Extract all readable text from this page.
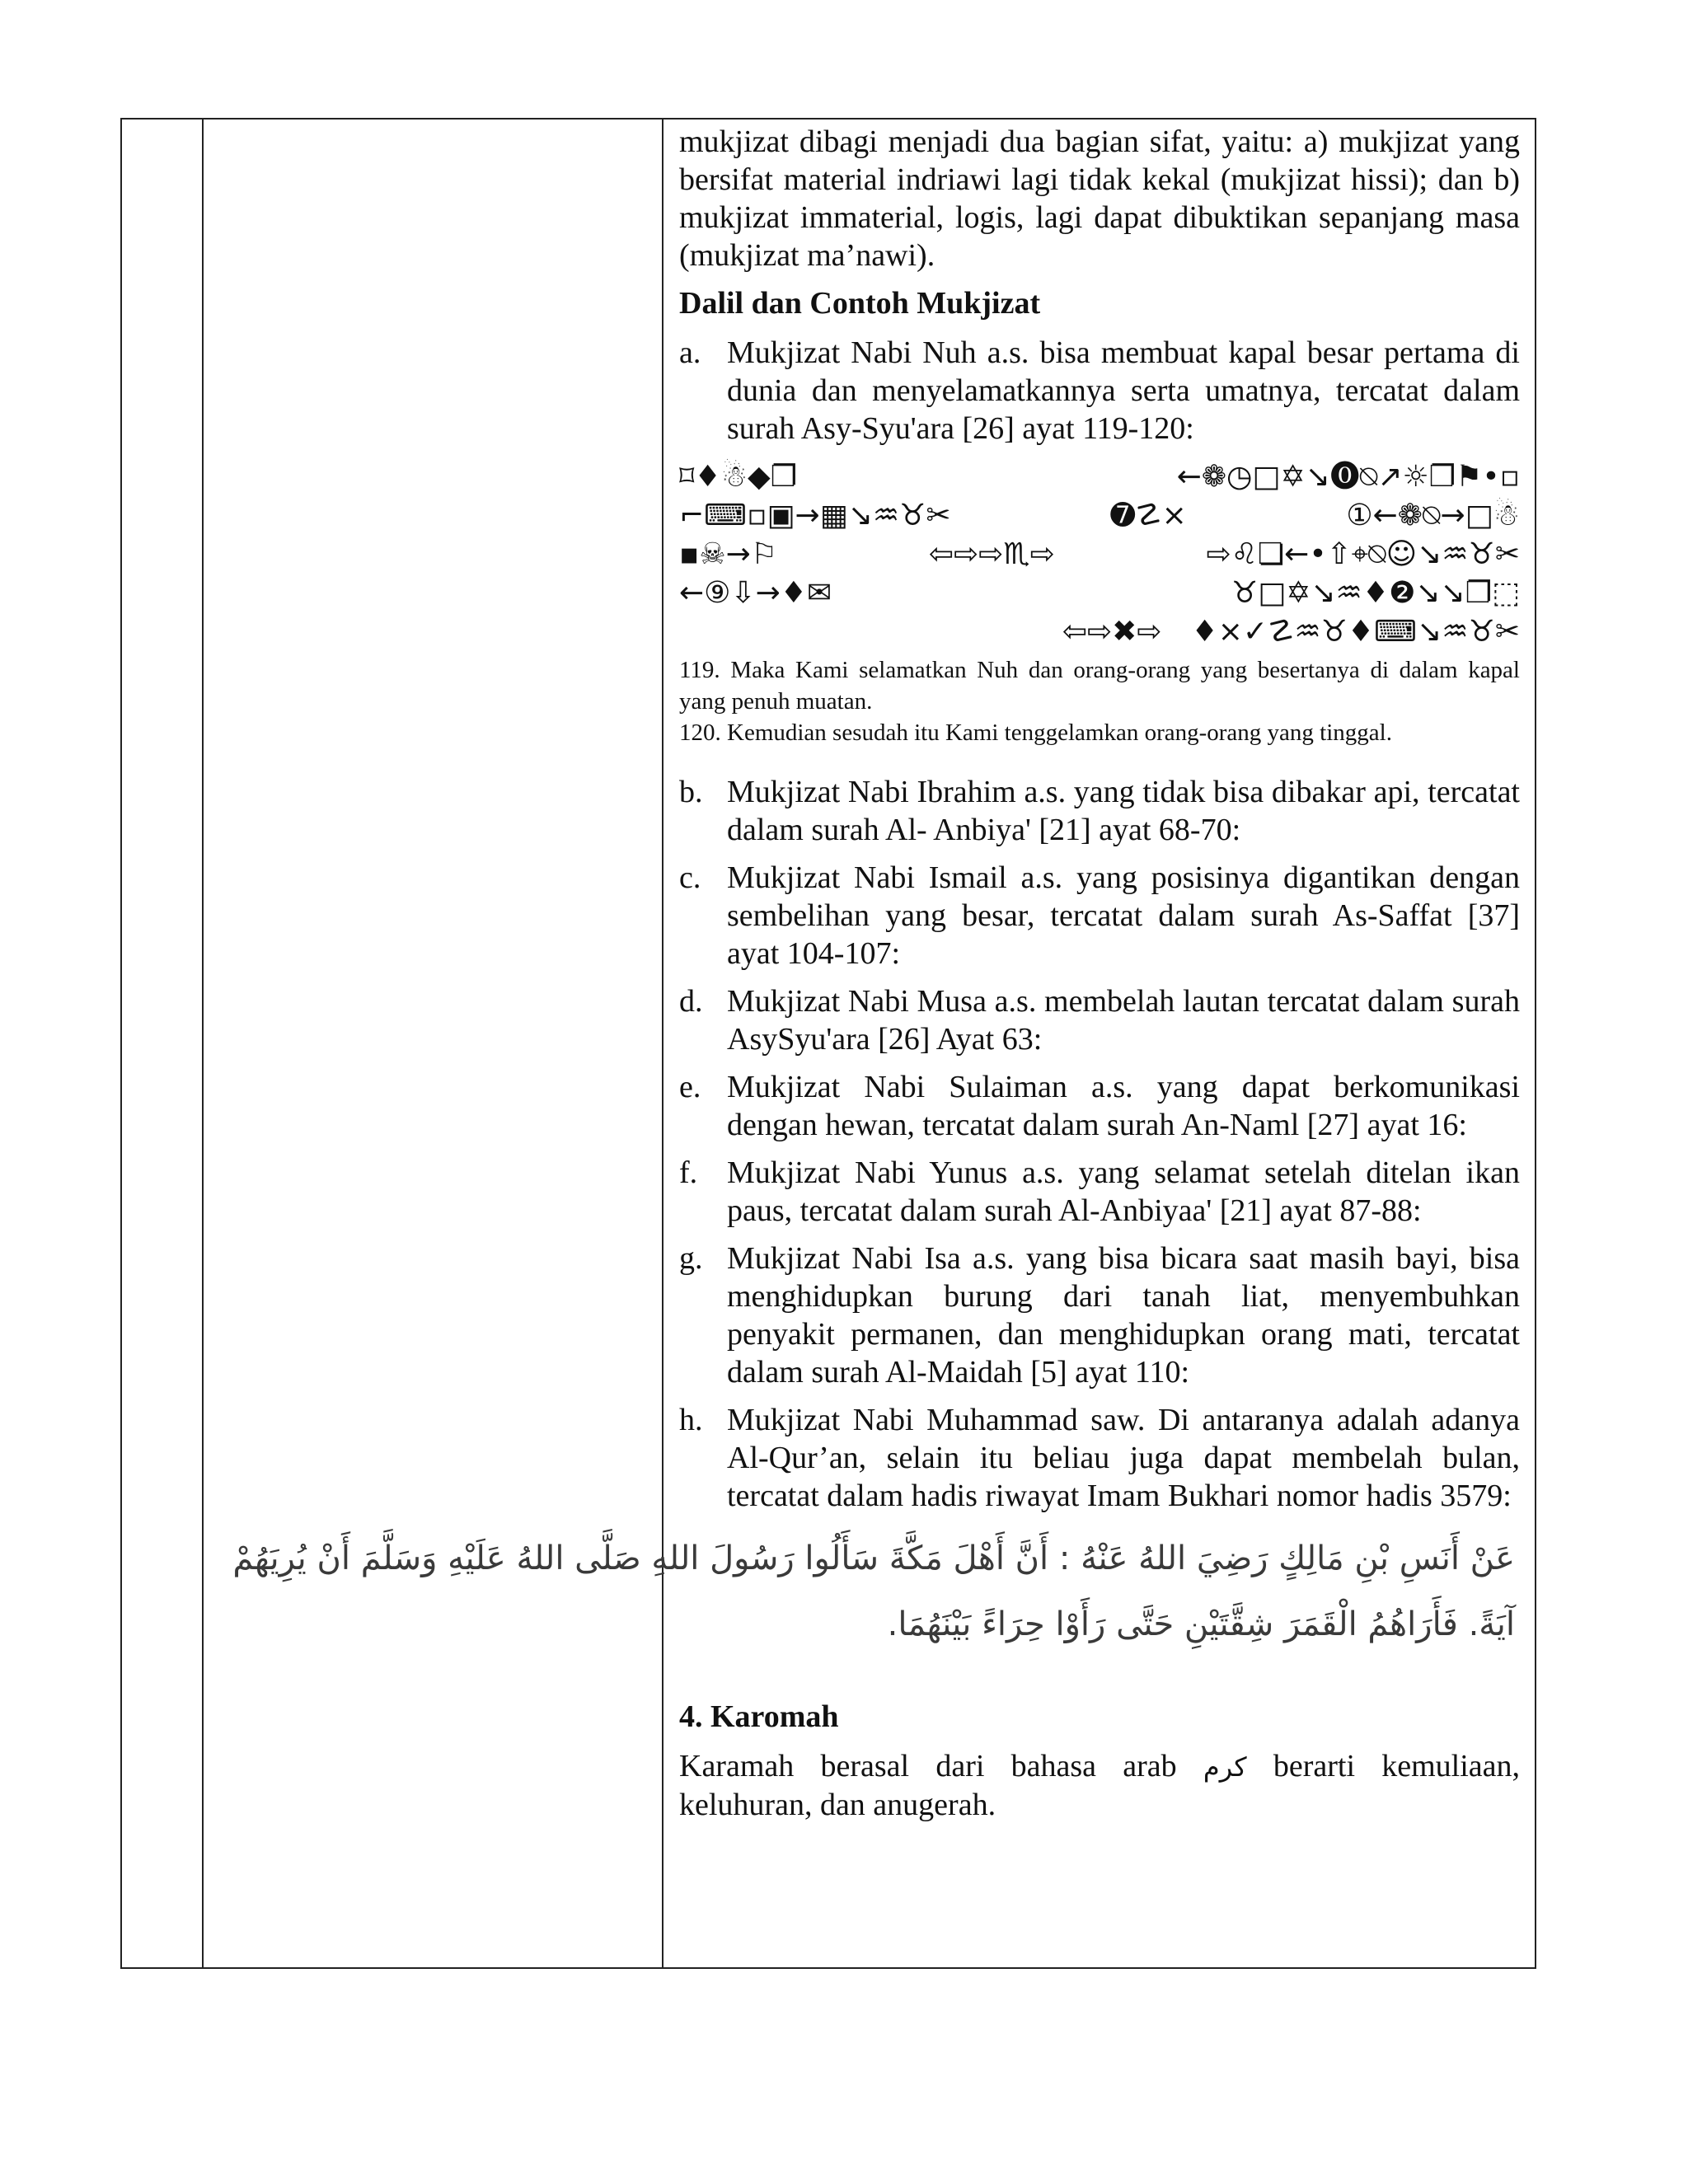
mukjizat dibagi menjadi dua bagian sifat, yaitu: a) mukjizat yang bersifat material indriawi lagi tidak kekal (mukjizat hissi); dan b) mukjizat immaterial, logis, lagi dapat dibuktikan sepanjang masa (mukjizat ma’nawi).

Dalil dan Contoh Mukjizat

a. Mukjizat Nabi Nuh a.s. bisa membuat kapal besar pertama di dunia dan menyelamatkannya serta umatnya, tercatat dalam surah Asy-Syu'ara [26] ayat 119-120:
⌑♦☃◆❐	←❁◷□✡↘⓿⍉↗☼❐⚑•▫
⌐⌨▫▣→▦↘♒♉✂	➐☡×	①←❁⍉→□☃
▪☠→⚐	⇦⇨⇨♏⇨	⇨♌❏←•⇧⌖⍉☺↘♒♉✂
←⑨⇩→♦✉	♉□✡↘♒♦❷↘↘❐⬚
⇦⇨✖⇨ ♦×✓☡♒♉♦⌨↘♒♉✂

119. Maka Kami selamatkan Nuh dan orang-orang yang besertanya di dalam kapal yang penuh muatan.

120. Kemudian sesudah itu Kami tenggelamkan orang-orang yang tinggal.

b. Mukjizat Nabi Ibrahim a.s. yang tidak bisa dibakar api, tercatat dalam surah Al- Anbiya' [21] ayat 68-70:
c. Mukjizat Nabi Ismail a.s. yang posisinya digantikan dengan sembelihan yang besar, tercatat dalam surah As-Saffat [37] ayat 104-107:
d. Mukjizat Nabi Musa a.s. membelah lautan tercatat dalam surah AsySyu'ara [26] Ayat 63:
e. Mukjizat Nabi Sulaiman a.s. yang dapat berkomunikasi dengan hewan, tercatat dalam surah An-Naml [27] ayat 16:
f. Mukjizat Nabi Yunus a.s. yang selamat setelah ditelan ikan paus, tercatat dalam surah Al-Anbiyaa' [21] ayat 87-88:
g. Mukjizat Nabi Isa a.s. yang bisa bicara saat masih bayi, bisa menghidupkan burung dari tanah liat, menyembuhkan penyakit permanen, dan menghidupkan orang mati, tercatat dalam surah Al-Maidah [5] ayat 110:
h. Mukjizat Nabi Muhammad saw. Di antaranya adalah adanya Al-Qur’an, selain itu beliau juga dapat membelah bulan, tercatat dalam hadis riwayat Imam Bukhari nomor hadis 3579:
عَنْ أَنَسِ بْنِ مَالِكٍ رَضِيَ اللهُ عَنْهُ : أَنَّ أَهْلَ مَكَّةَ سَأَلُوا رَسُولَ اللهِ صَلَّى اللهُ عَلَيْهِ وَسَلَّمَ أَنْ يُرِيَهُمْ
آيَةً. فَأَرَاهُمُ الْقَمَرَ شِقَّتَيْنِ حَتَّى رَأَوْا حِرَاءً بَيْنَهُمَا.

4. Karomah

Karamah berasal dari bahasa arab كرم berarti kemuliaan, keluhuran, dan anugerah.
